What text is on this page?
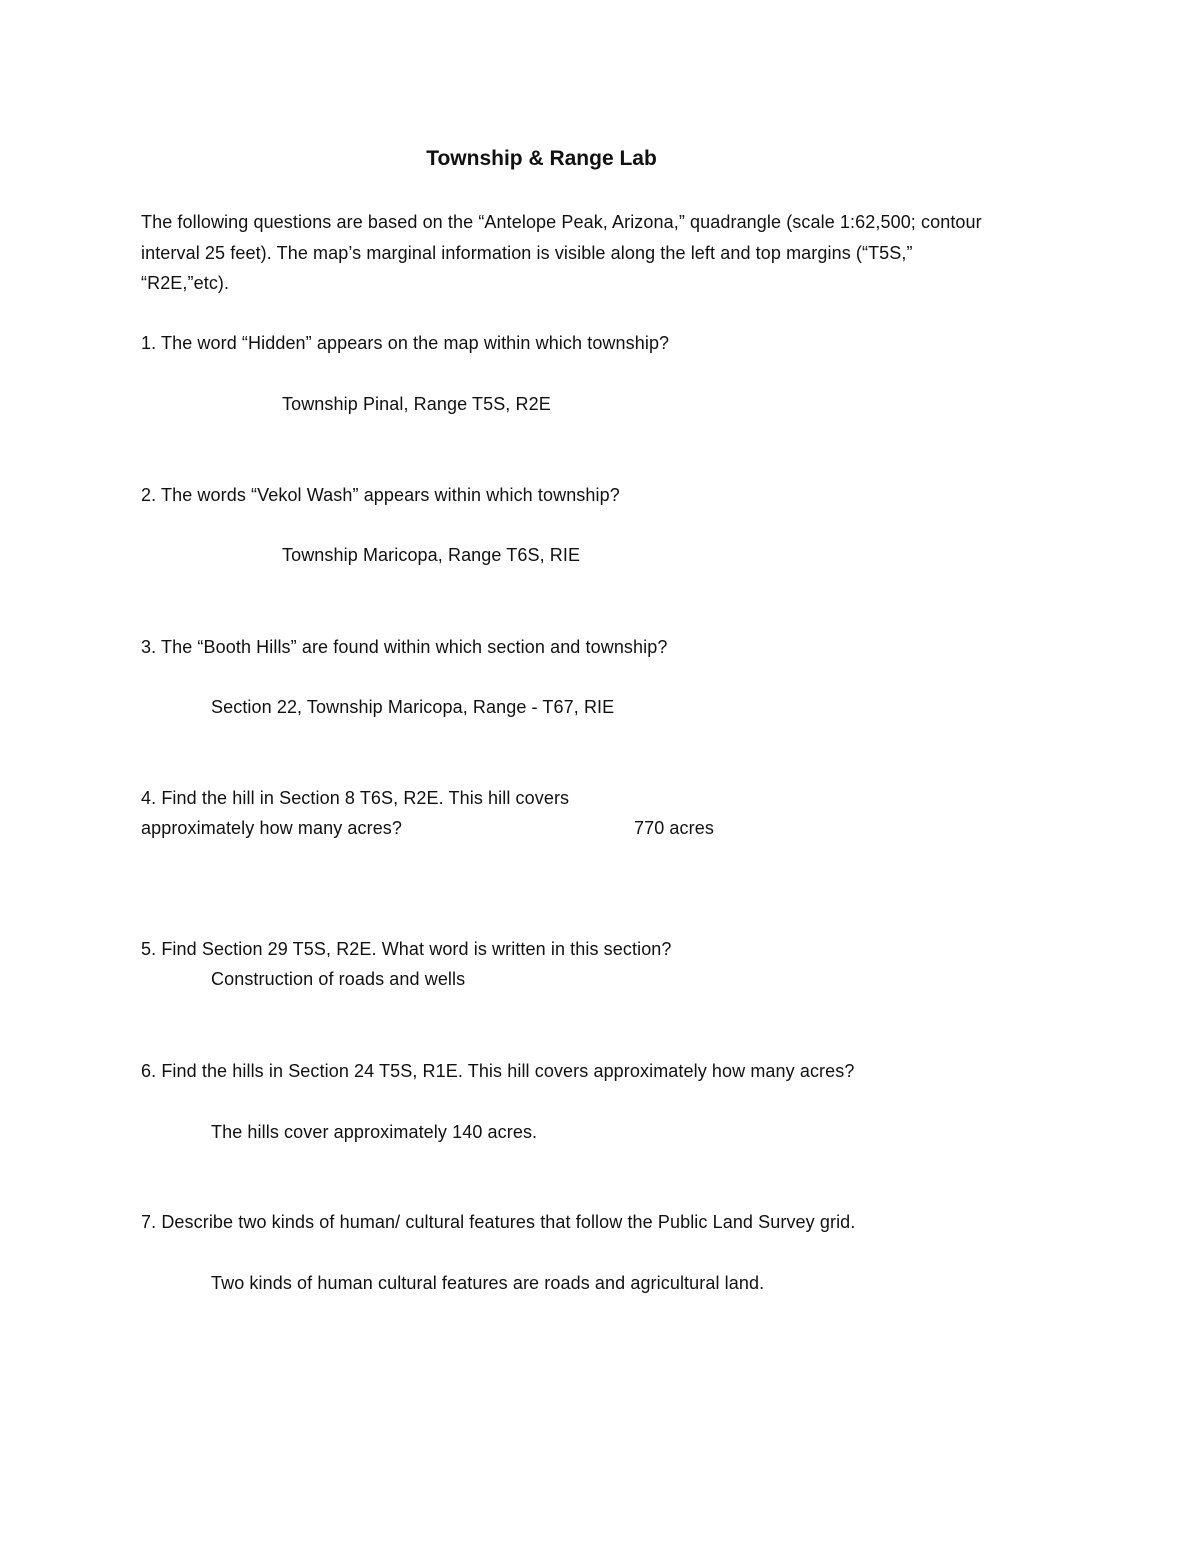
Township & Range Lab
The following questions are based on the “Antelope Peak, Arizona,” quadrangle (scale 1:62,500; contour
interval 25 feet). The map’s marginal information is visible along the left and top margins (“T5S,”
“R2E,”etc).
1. The word “Hidden” appears on the map within which township?
Township Pinal, Range T5S, R2E
2. The words “Vekol Wash” appears within which township?
Township Maricopa, Range T6S, RIE
3. The “Booth Hills” are found within which section and township?
Section 22, Township Maricopa, Range - T67, RIE
4. Find the hill in Section 8 T6S, R2E. This hill covers
approximately how many acres?	770 acres
5. Find Section 29 T5S, R2E. What word is written in this section?
Construction of roads and wells
6. Find the hills in Section 24 T5S, R1E. This hill covers approximately how many acres?
The hills cover approximately 140 acres.
7. Describe two kinds of human/ cultural features that follow the Public Land Survey grid.
Two kinds of human cultural features are roads and agricultural land.
